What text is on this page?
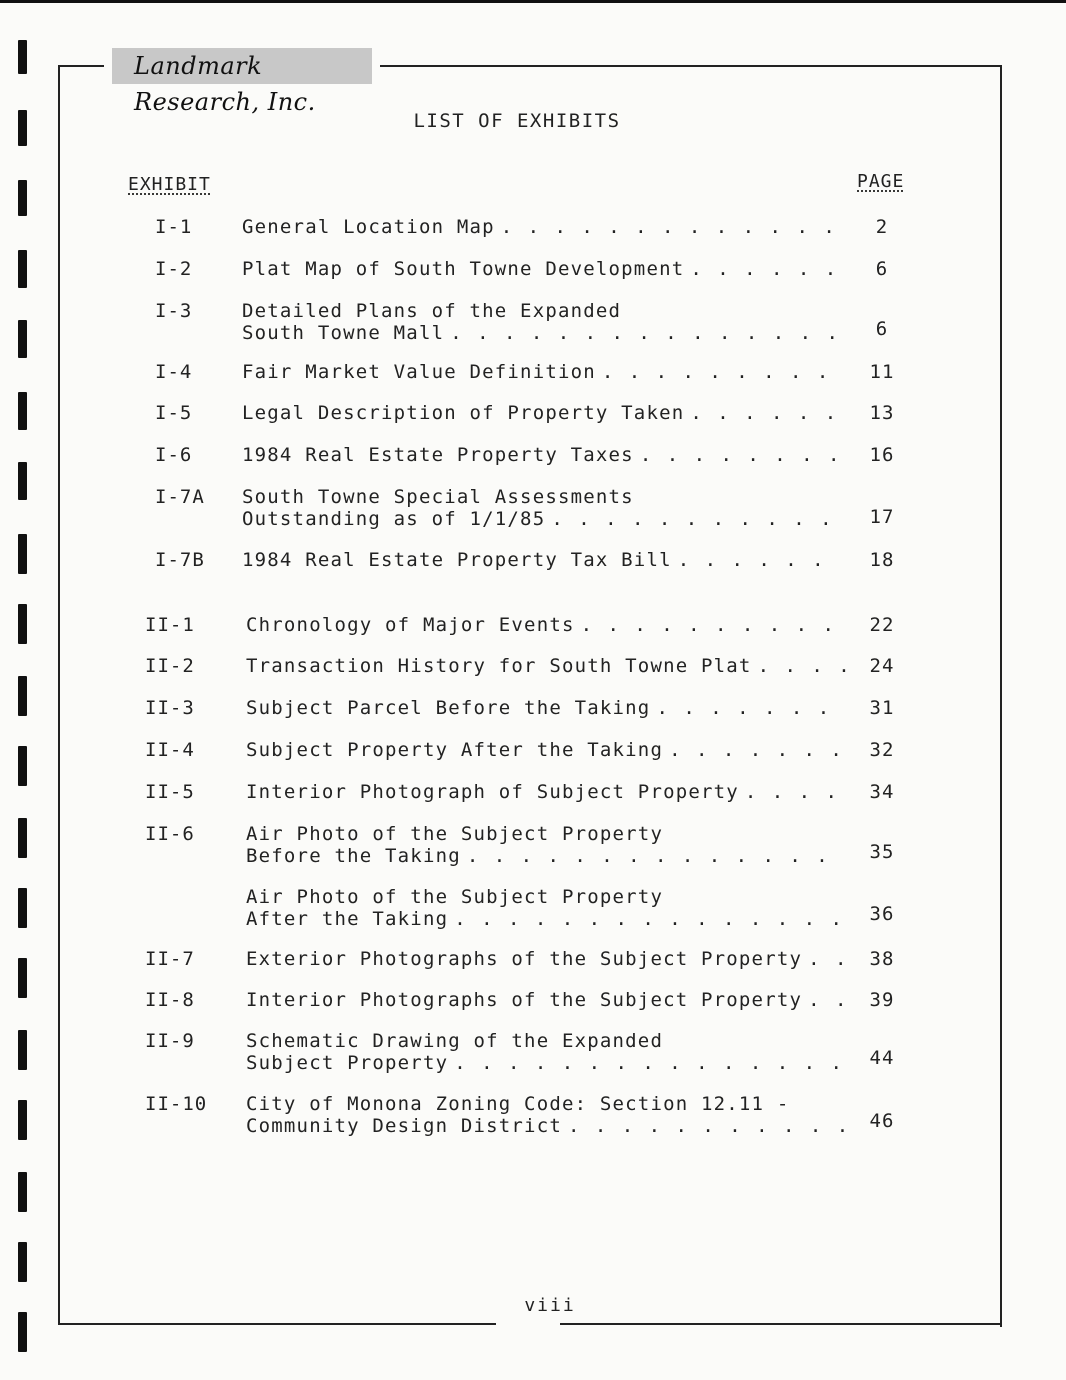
Landmark Research, Inc.
LIST OF EXHIBITS
EXHIBIT	PAGE
I-1	General Location Map . . .	2
I-2	Plat Map of South Towne Development . . .	6
I-3	Detailed Plans of the Expanded
South Towne Mall . . .	6
I-4	Fair Market Value Definition . . .	11
I-5	Legal Description of Property Taken . . .	13
I-6	1984 Real Estate Property Taxes . . .	16
I-7A South Towne Special Assessments
Outstanding as of 1/1/85 . . .	17
I-7B 1984 Real Estate Property Tax Bill . . .	18
II-1	Chronology of Major Events . . .	22
II-2	Transaction History for South Towne Plat . . .	24
II-3	Subject Parcel Before the Taking . . .	31
II-4	Subject Property After the Taking . . .	32
II-5	Interior Photograph of Subject Property . . .	34
II-6	Air Photo of the Subject Property
Before the Taking . . .	35
Air Photo of the Subject Property
After the Taking . . .	36
II-7	Exterior Photographs of the Subject Property . . .	38
II-8	Interior Photographs of the Subject Property . . .	39
II-9	Schematic Drawing of the Expanded
Subject Property . . .	44
II-10 City of Monona Zoning Code: Section 12.11 -
Community Design District . . .	46
viii
